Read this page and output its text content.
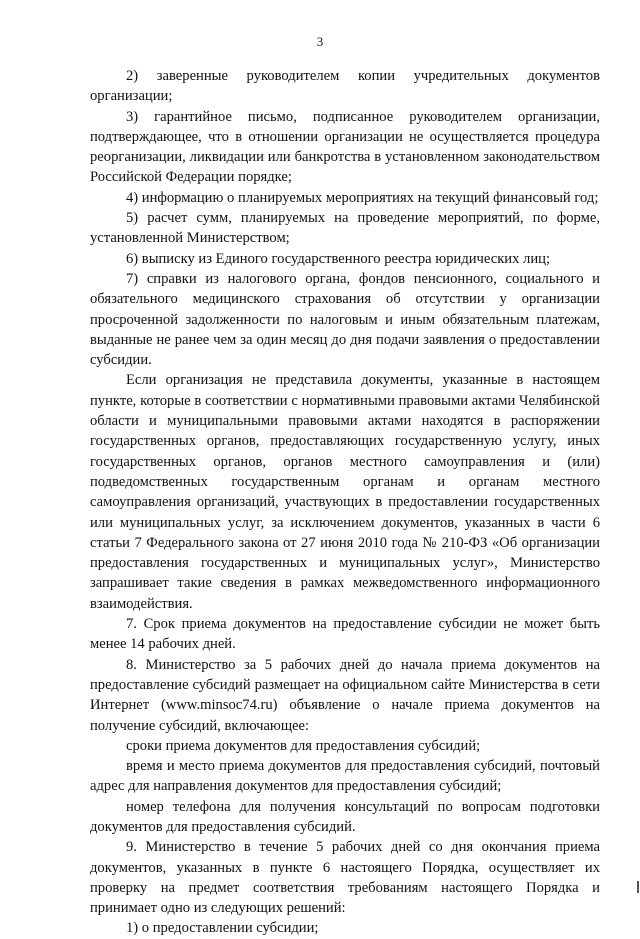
3

2) заверенные руководителем копии учредительных документов организации;

3) гарантийное письмо, подписанное руководителем организации, подтверждающее, что в отношении организации не осуществляется процедура реорганизации, ликвидации или банкротства в установленном законодательством Российской Федерации порядке;

4) информацию о планируемых мероприятиях на текущий финансовый год;

5) расчет сумм, планируемых на проведение мероприятий, по форме, установленной Министерством;

6) выписку из Единого государственного реестра юридических лиц;

7) справки из налогового органа, фондов пенсионного, социального и обязательного медицинского страхования об отсутствии у организации просроченной задолженности по налоговым и иным обязательным платежам, выданные не ранее чем за один месяц до дня подачи заявления о предоставлении субсидии.

Если организация не представила документы, указанные в настоящем пункте, которые в соответствии с нормативными правовыми актами Челябинской области и муниципальными правовыми актами находятся в распоряжении государственных органов, предоставляющих государственную услугу, иных государственных органов, органов местного самоуправления и (или) подведомственных государственным органам и органам местного самоуправления организаций, участвующих в предоставлении государственных или муниципальных услуг, за исключением документов, указанных в части 6 статьи 7 Федерального закона от 27 июня 2010 года № 210-ФЗ «Об организации предоставления государственных и муниципальных услуг», Министерство запрашивает такие сведения в рамках межведомственного информационного взаимодействия.

7. Срок приема документов на предоставление субсидии не может быть менее 14 рабочих дней.

8. Министерство за 5 рабочих дней до начала приема документов на предоставление субсидий размещает на официальном сайте Министерства в сети Интернет (www.minsoc74.ru) объявление о начале приема документов на получение субсидий, включающее:

сроки приема документов для предоставления субсидий;

время и место приема документов для предоставления субсидий, почтовый адрес для направления документов для предоставления субсидий;

номер телефона для получения консультаций по вопросам подготовки документов для предоставления субсидий.

9. Министерство в течение 5 рабочих дней со дня окончания приема документов, указанных в пункте 6 настоящего Порядка, осуществляет их проверку на предмет соответствия требованиям настоящего Порядка и принимает одно из следующих решений:

1) о предоставлении субсидии;
